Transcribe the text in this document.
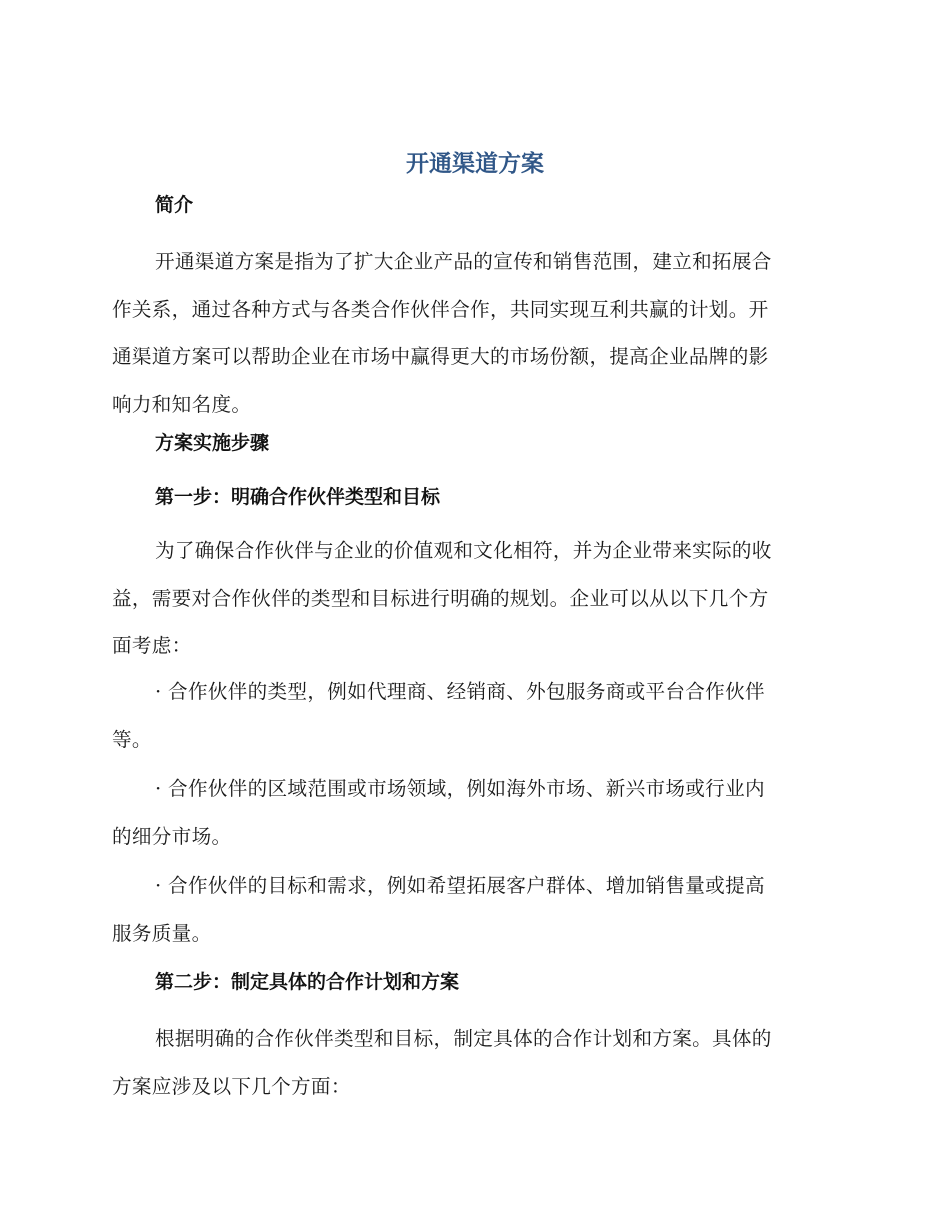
开通渠道方案
简介
开通渠道方案是指为了扩大企业产品的宣传和销售范围，建立和拓展合
作关系，通过各种方式与各类合作伙伴合作，共同实现互利共赢的计划。开
通渠道方案可以帮助企业在市场中赢得更大的市场份额，提高企业品牌的影
响力和知名度。
方案实施步骤
第一步：明确合作伙伴类型和目标
为了确保合作伙伴与企业的价值观和文化相符，并为企业带来实际的收
益，需要对合作伙伴的类型和目标进行明确的规划。企业可以从以下几个方
面考虑：
· 合作伙伴的类型，例如代理商、经销商、外包服务商或平台合作伙伴
等。
· 合作伙伴的区域范围或市场领域，例如海外市场、新兴市场或行业内
的细分市场。
· 合作伙伴的目标和需求，例如希望拓展客户群体、增加销售量或提高
服务质量。
第二步：制定具体的合作计划和方案
根据明确的合作伙伴类型和目标，制定具体的合作计划和方案。具体的
方案应涉及以下几个方面：
